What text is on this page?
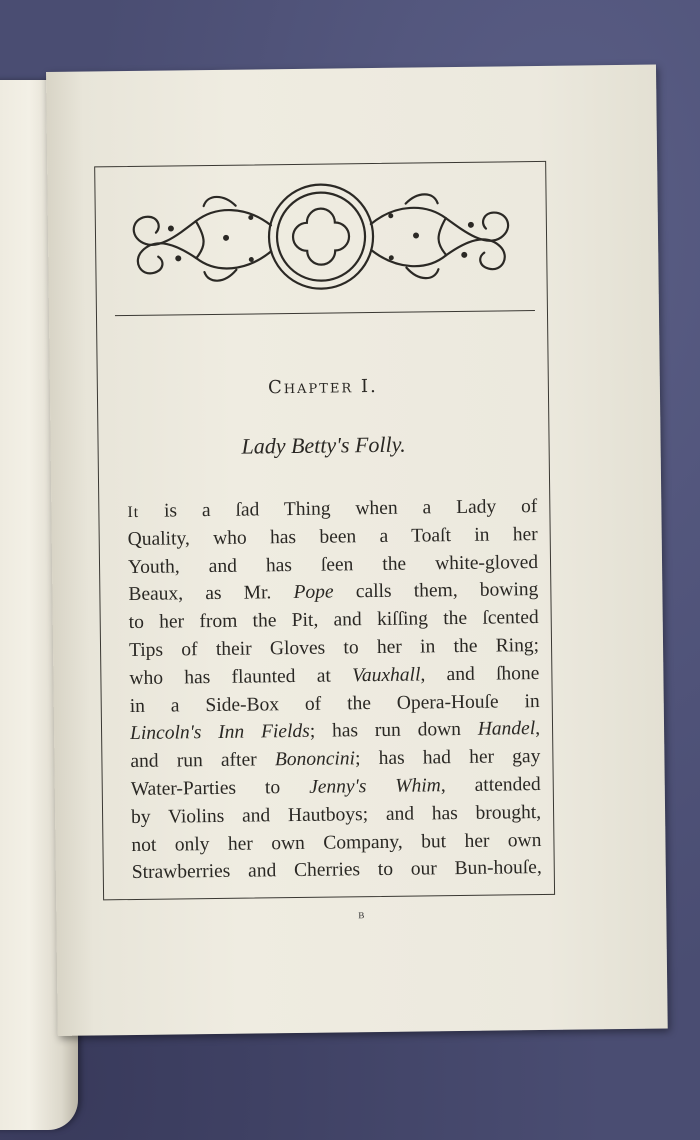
Chapter I.
Lady Betty's Folly.
It is a ſad Thing when a Lady of
Quality, who has been a Toaſt in her
Youth, and has ſeen the white-gloved
Beaux, as Mr. Pope calls them, bowing
to her from the Pit, and kiſſing the ſcented
Tips of their Gloves to her in the Ring;
who has flaunted at Vauxhall, and ſhone
in a Side-Box of the Opera-Houſe in
Lincoln's Inn Fields; has run down Handel,
and run after Bononcini; has had her gay
Water-Parties to Jenny's Whim, attended
by Violins and Hautboys; and has brought,
not only her own Company, but her own
Strawberries and Cherries to our Bun-houſe,
B
